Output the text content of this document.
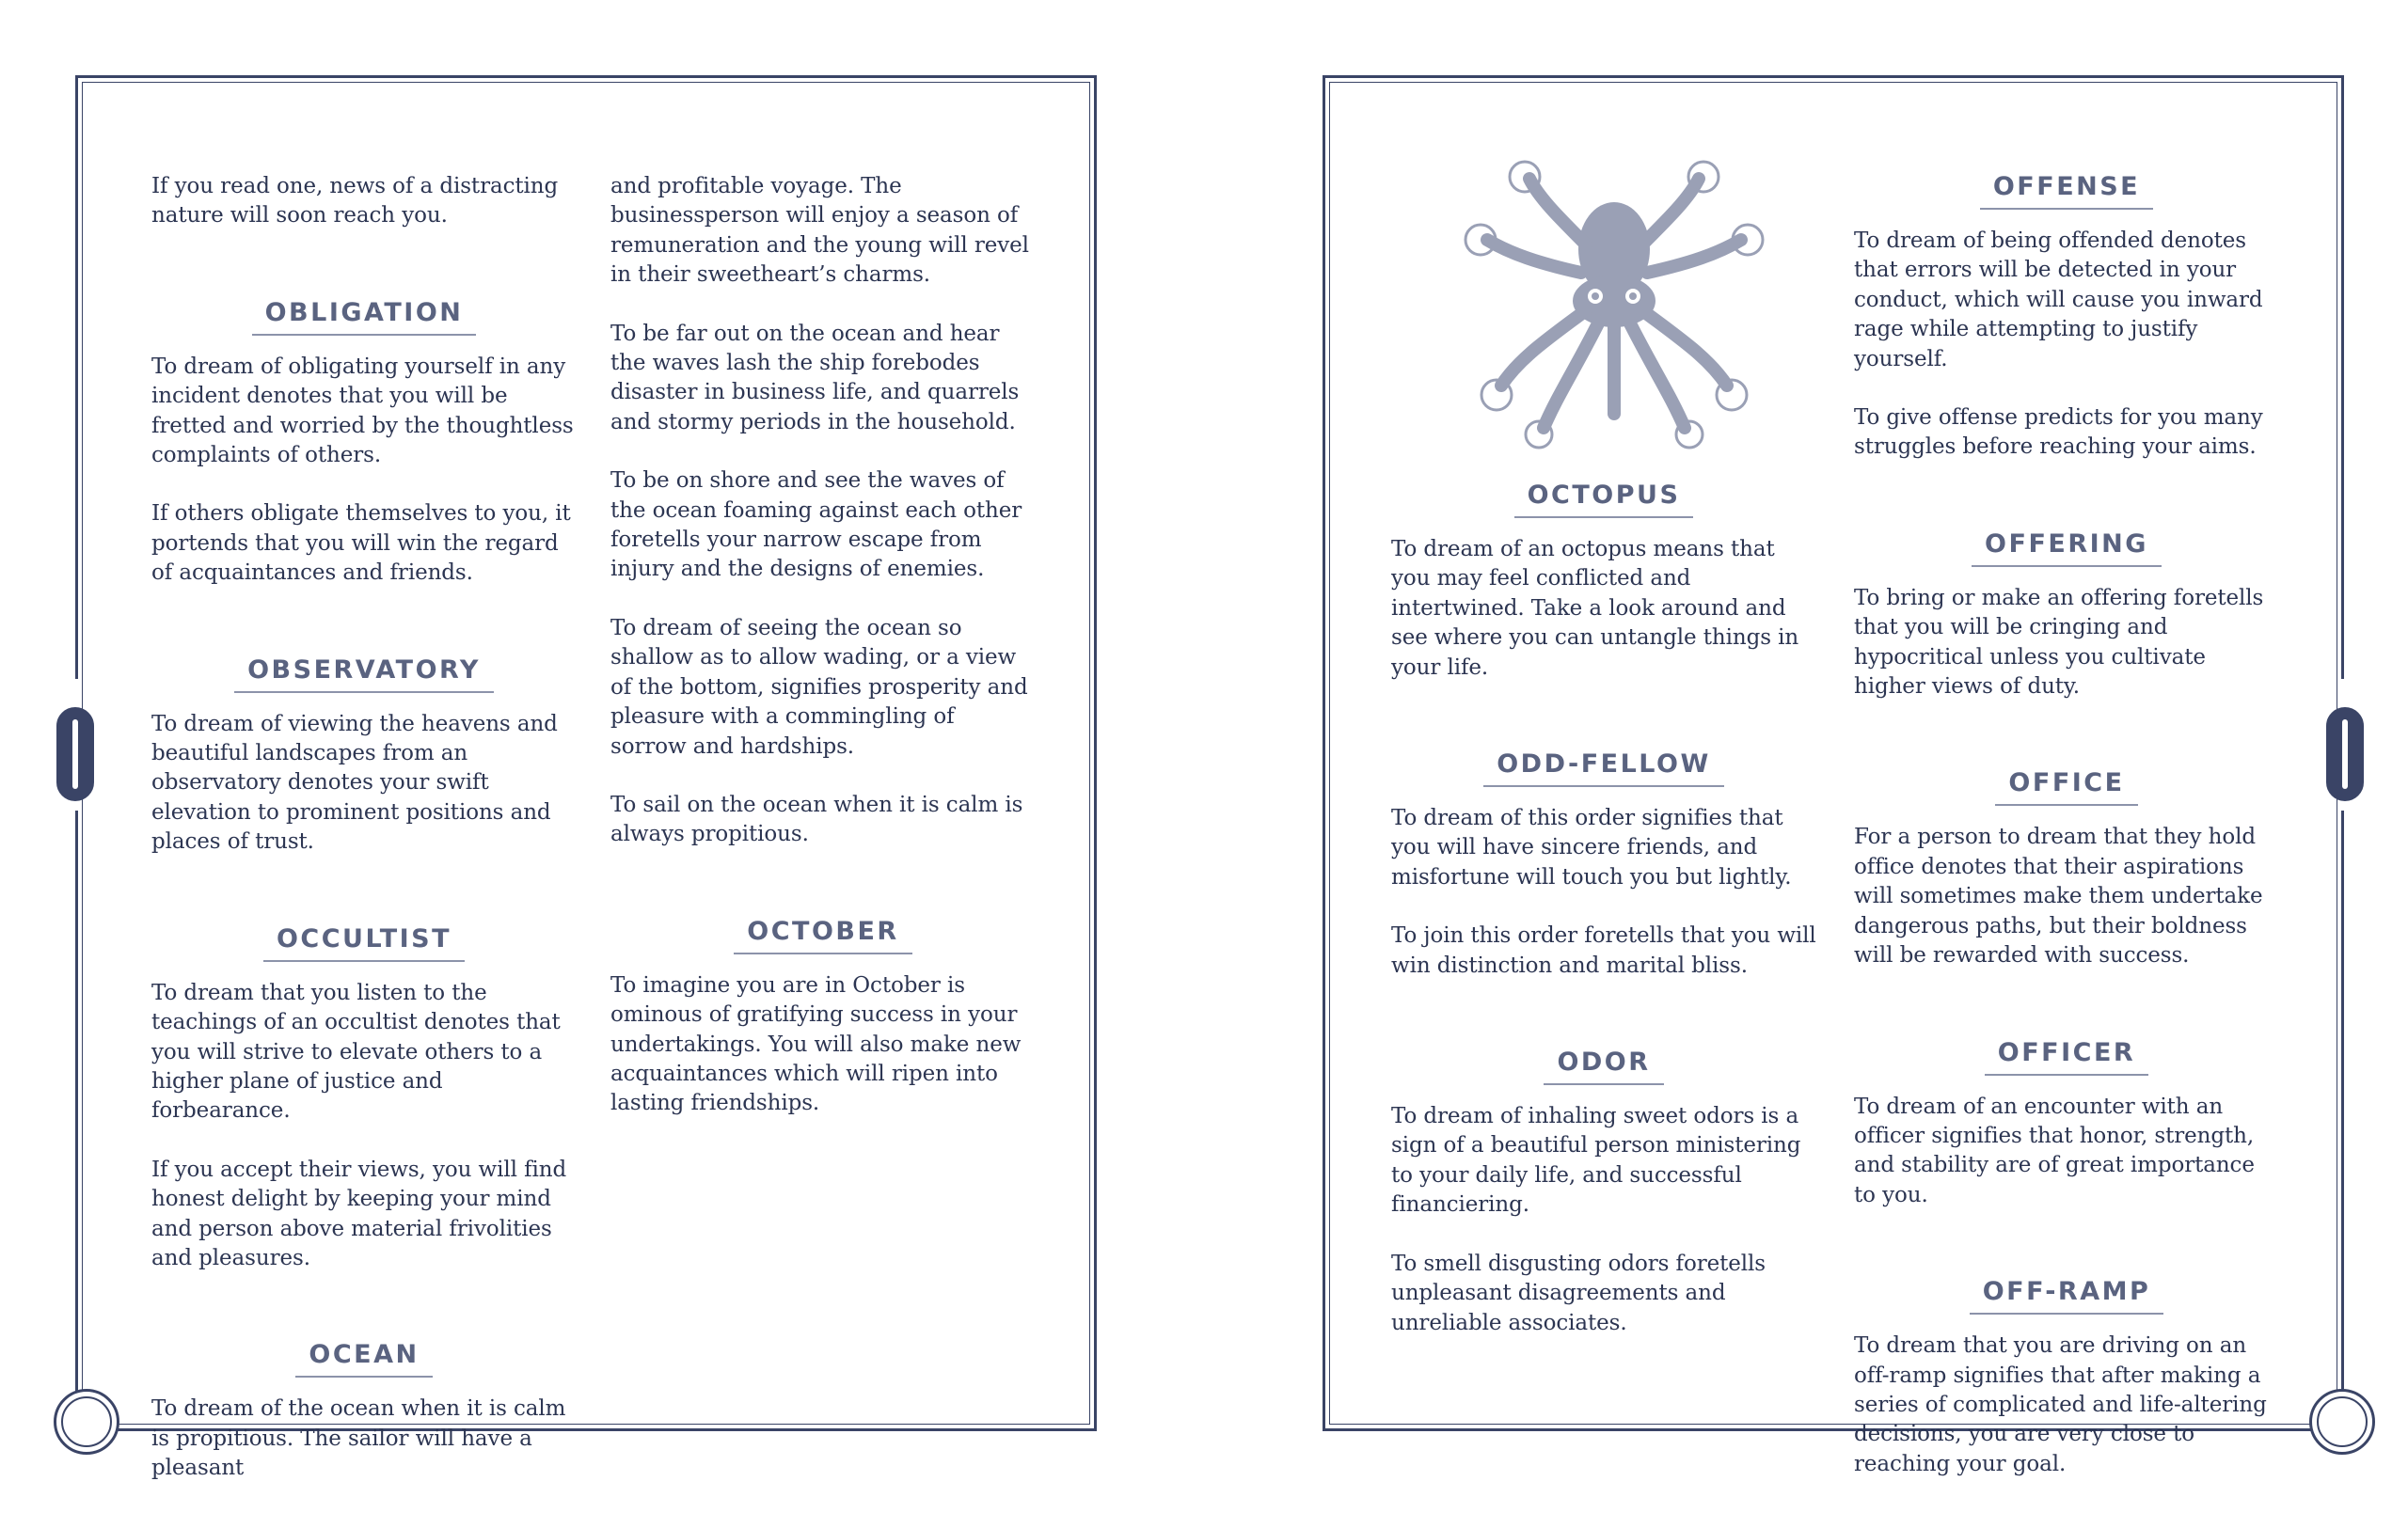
If you read one, news of a distracting nature will soon reach you.

OBLIGATION

To dream of obligating yourself in any incident denotes that you will be fretted and worried by the thoughtless complaints of others.

If others obligate themselves to you, it portends that you will win the regard of acquaintances and friends.

OBSERVATORY

To dream of viewing the heavens and beautiful landscapes from an observatory denotes your swift elevation to prominent positions and places of trust.

OCCULTIST

To dream that you listen to the teachings of an occultist denotes that you will strive to elevate others to a higher plane of justice and forbearance.

If you accept their views, you will find honest delight by keeping your mind and person above material frivolities and pleasures.

OCEAN

To dream of the ocean when it is calm is propitious. The sailor will have a pleasant

and profitable voyage. The businessperson will enjoy a season of remuneration and the young will revel in their sweetheart’s charms.

To be far out on the ocean and hear the waves lash the ship forebodes disaster in business life, and quarrels and stormy periods in the household.

To be on shore and see the waves of the ocean foaming against each other foretells your narrow escape from injury and the designs of enemies.

To dream of seeing the ocean so shallow as to allow wading, or a view of the bottom, signifies prosperity and pleasure with a commingling of sorrow and hardships.

To sail on the ocean when it is calm is always propitious.

OCTOBER

To imagine you are in October is ominous of gratifying success in your undertakings. You will also make new acquaintances which will ripen into lasting friendships.

OCTOPUS

To dream of an octopus means that you may feel conflicted and intertwined. Take a look around and see where you can untangle things in your life.

ODD-FELLOW

To dream of this order signifies that you will have sincere friends, and misfortune will touch you but lightly.

To join this order foretells that you will win distinction and marital bliss.

ODOR

To dream of inhaling sweet odors is a sign of a beautiful person ministering to your daily life, and successful financiering.

To smell disgusting odors foretells unpleasant disagreements and unreliable associates.

OFFENSE

To dream of being offended denotes that errors will be detected in your conduct, which will cause you inward rage while attempting to justify yourself.

To give offense predicts for you many struggles before reaching your aims.

OFFERING

To bring or make an offering foretells that you will be cringing and hypocritical unless you cultivate higher views of duty.

OFFICE

For a person to dream that they hold office denotes that their aspirations will sometimes make them undertake dangerous paths, but their boldness will be rewarded with success.

OFFICER

To dream of an encounter with an officer signifies that honor, strength, and stability are of great importance to you.

OFF-RAMP

To dream that you are driving on an off-ramp signifies that after making a series of complicated and life-altering decisions, you are very close to reaching your goal.
